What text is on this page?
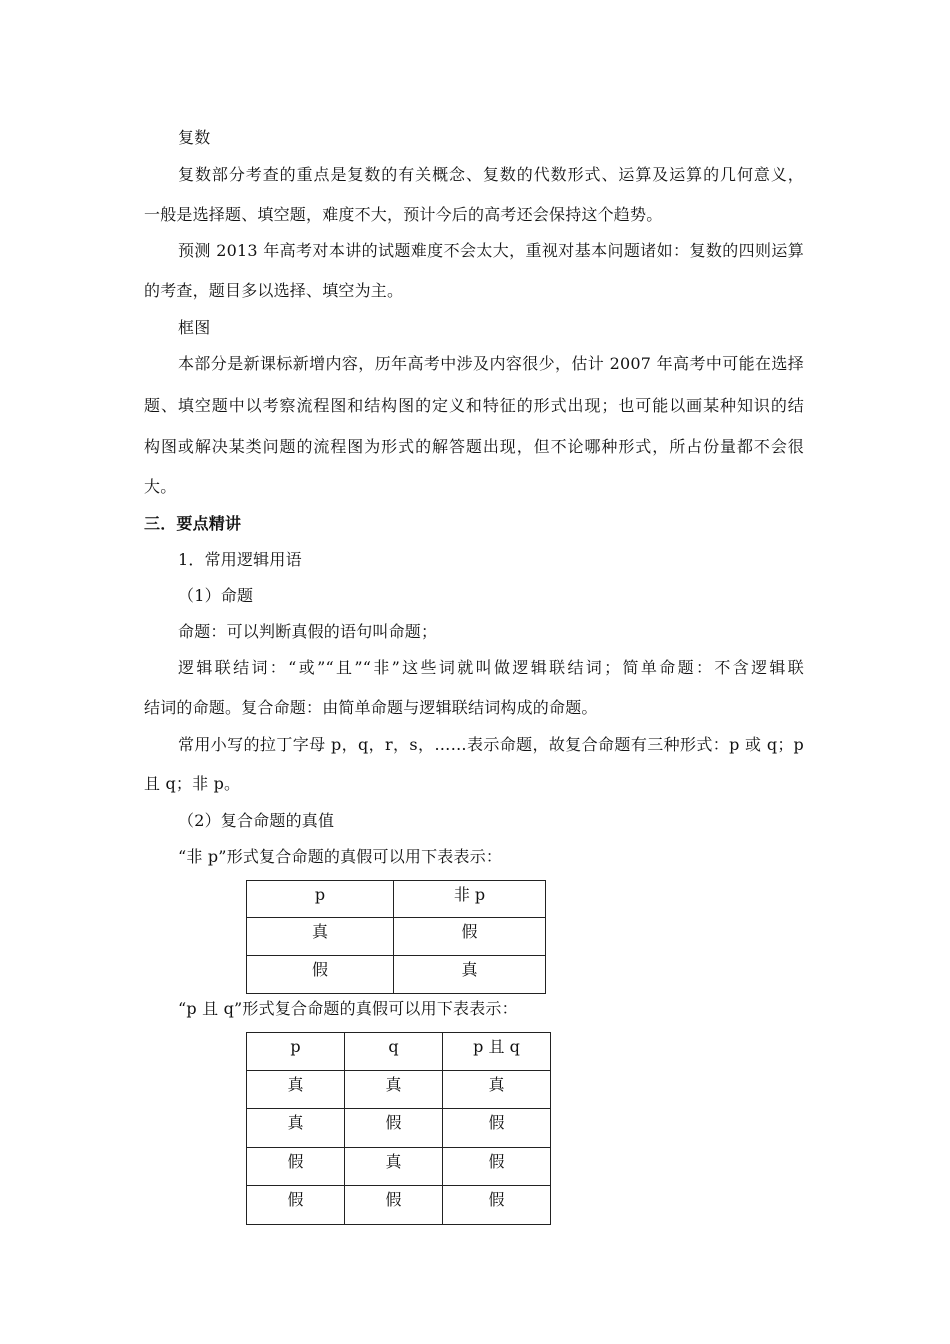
复数
复数部分考查的重点是复数的有关概念、复数的代数形式、运算及运算的几何意义，
一般是选择题、填空题，难度不大，预计今后的高考还会保持这个趋势。
预测 2013 年高考对本讲的试题难度不会太大，重视对基本问题诸如：复数的四则运算
的考查，题目多以选择、填空为主。
框图
本部分是新课标新增内容，历年高考中涉及内容很少，估计 2007 年高考中可能在选择
题、填空题中以考察流程图和结构图的定义和特征的形式出现；也可能以画某种知识的结
构图或解决某类问题的流程图为形式的解答题出现，但不论哪种形式，所占份量都不会很
大。
三．要点精讲
1．常用逻辑用语
（1）命题
命题：可以判断真假的语句叫命题；
逻辑联结词：“或”“且”“非”这些词就叫做逻辑联结词；简单命题：不含逻辑联
结词的命题。复合命题：由简单命题与逻辑联结词构成的命题。
常用小写的拉丁字母 p，q，r，s，……表示命题，故复合命题有三种形式：p 或 q；p
且 q；非 p。
（2）复合命题的真值
“非 p”形式复合命题的真假可以用下表表示：
p	非 p
真	假
假	真
“p 且 q”形式复合命题的真假可以用下表表示：
p	q	p 且 q
真	真	真
真	假	假
假	真	假
假	假	假
